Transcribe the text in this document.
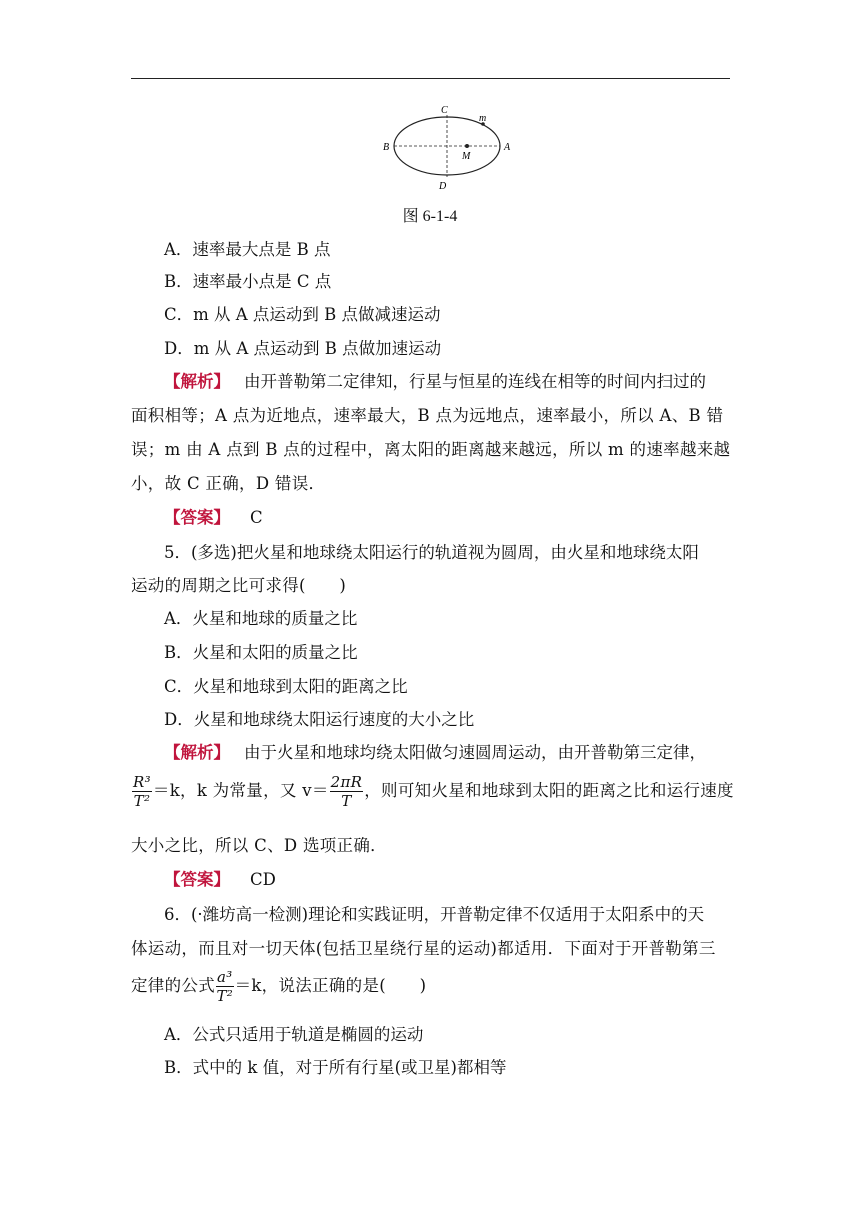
C
D
B	A
M
m
图 6-1-4
A．速率最大点是 B 点
B．速率最小点是 C 点
C．m 从 A 点运动到 B 点做减速运动
D．m 从 A 点运动到 B 点做加速运动
【解析】 由开普勒第二定律知，行星与恒星的连线在相等的时间内扫过的
面积相等；A 点为近地点，速率最大，B 点为远地点，速率最小，所以 A、B 错
误；m 由 A 点到 B 点的过程中，离太阳的距离越来越远，所以 m 的速率越来越
小，故 C 正确，D 错误．
【答案】 C
5．(多选)把火星和地球绕太阳运行的轨道视为圆周，由火星和地球绕太阳
运动的周期之比可求得(　　)
A．火星和地球的质量之比
B．火星和太阳的质量之比
C．火星和地球到太阳的距离之比
D．火星和地球绕太阳运行速度的大小之比
【解析】 由于火星和地球均绕太阳做匀速圆周运动，由开普勒第三定律，
$\frac{\text{R³}}{\text{T²}} =k$，k 为常量，又 $v= \frac{2\pi R}{T}$ ，则可知火星和地球到太阳的距离之比和运行速度
大小之比，所以 C、D 选项正确．
【答案】 CD
6．(·潍坊高一检测)理论和实践证明，开普勒定律不仅适用于太阳系中的天
体运动，而且对一切天体(包括卫星绕行星的运动)都适用．下面对于开普勒第三
定律的公式 $\frac{\text{a³}}{\text{T²}} =k$，说法正确的是(　　)
A．公式只适用于轨道是椭圆的运动
B．式中的 k 值，对于所有行星(或卫星)都相等
